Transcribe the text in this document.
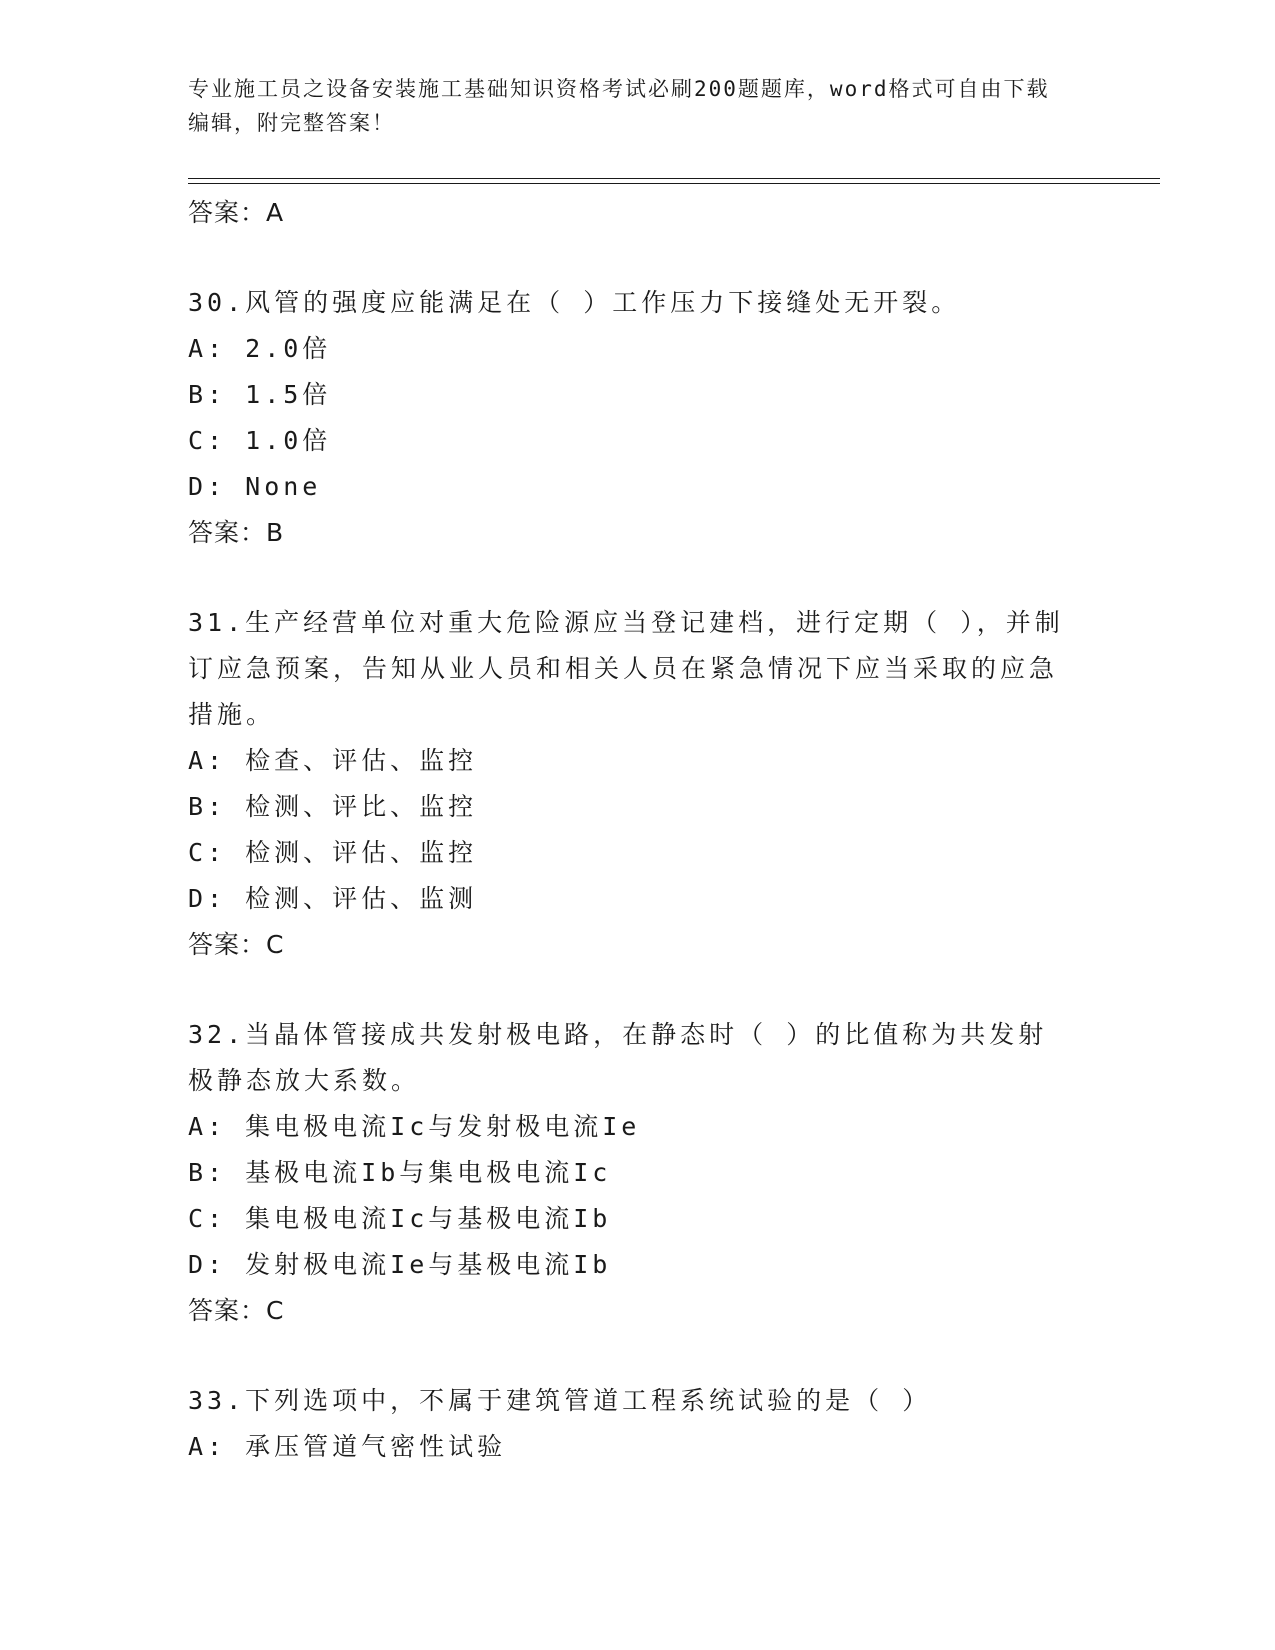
专业施工员之设备安装施工基础知识资格考试必刷200题题库，word格式可自由下载编辑，附完整答案！
答案：A
30.风管的强度应能满足在（ ）工作压力下接缝处无开裂。
A: 2.0倍
B: 1.5倍
C: 1.0倍
D: None
答案：B
31.生产经营单位对重大危险源应当登记建档，进行定期（ ），并制订应急预案，告知从业人员和相关人员在紧急情况下应当采取的应急措施。
A: 检查、评估、监控
B: 检测、评比、监控
C: 检测、评估、监控
D: 检测、评估、监测
答案：C
32.当晶体管接成共发射极电路，在静态时（ ）的比值称为共发射极静态放大系数。
A: 集电极电流Ic与发射极电流Ie
B: 基极电流Ib与集电极电流Ic
C: 集电极电流Ic与基极电流Ib
D: 发射极电流Ie与基极电流Ib
答案：C
33.下列选项中，不属于建筑管道工程系统试验的是（ ）
A: 承压管道气密性试验
